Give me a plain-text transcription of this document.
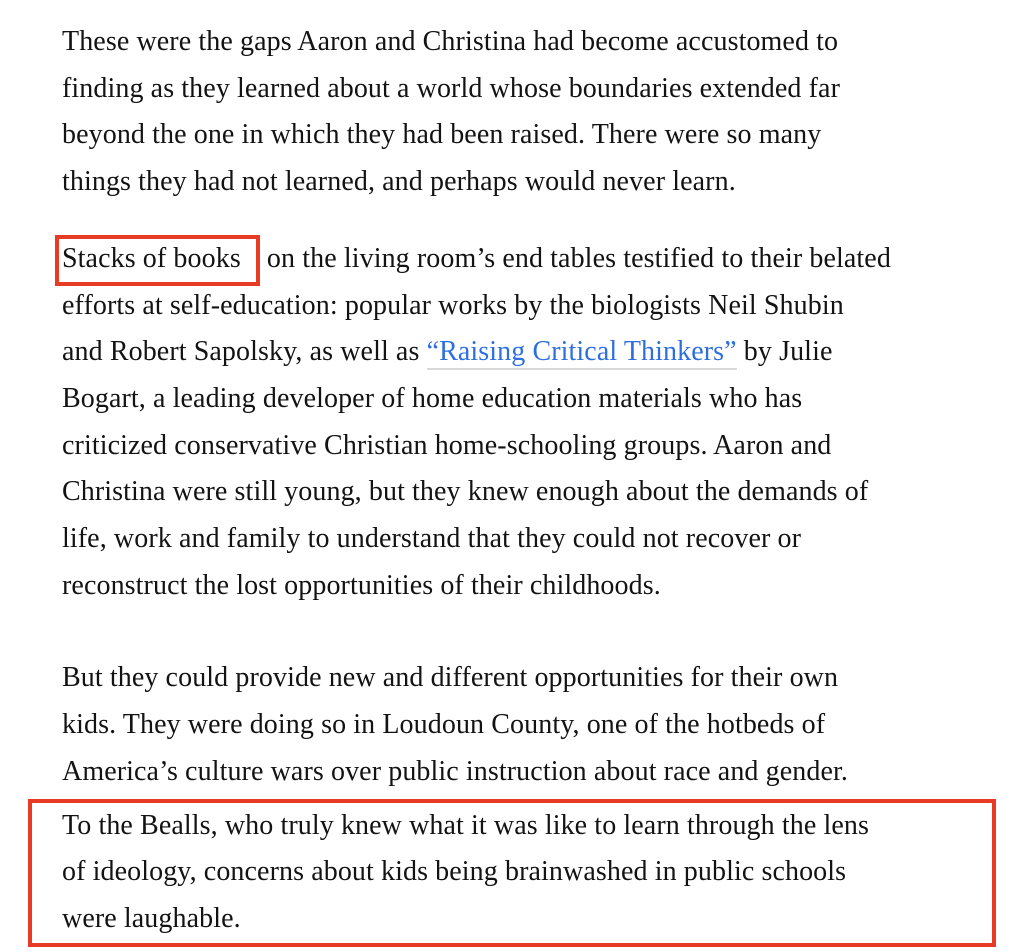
These were the gaps Aaron and Christina had become accustomed to
finding as they learned about a world whose boundaries extended far
beyond the one in which they had been raised. There were so many
things they had not learned, and perhaps would never learn.
Stacks of books on the living room’s end tables testified to their belated
efforts at self-education: popular works by the biologists Neil Shubin
and Robert Sapolsky, as well as “Raising Critical Thinkers” by Julie
Bogart, a leading developer of home education materials who has
criticized conservative Christian home-schooling groups. Aaron and
Christina were still young, but they knew enough about the demands of
life, work and family to understand that they could not recover or
reconstruct the lost opportunities of their childhoods.
But they could provide new and different opportunities for their own
kids. They were doing so in Loudoun County, one of the hotbeds of
America’s culture wars over public instruction about race and gender.
To the Bealls, who truly knew what it was like to learn through the lens
of ideology, concerns about kids being brainwashed in public schools
were laughable.
